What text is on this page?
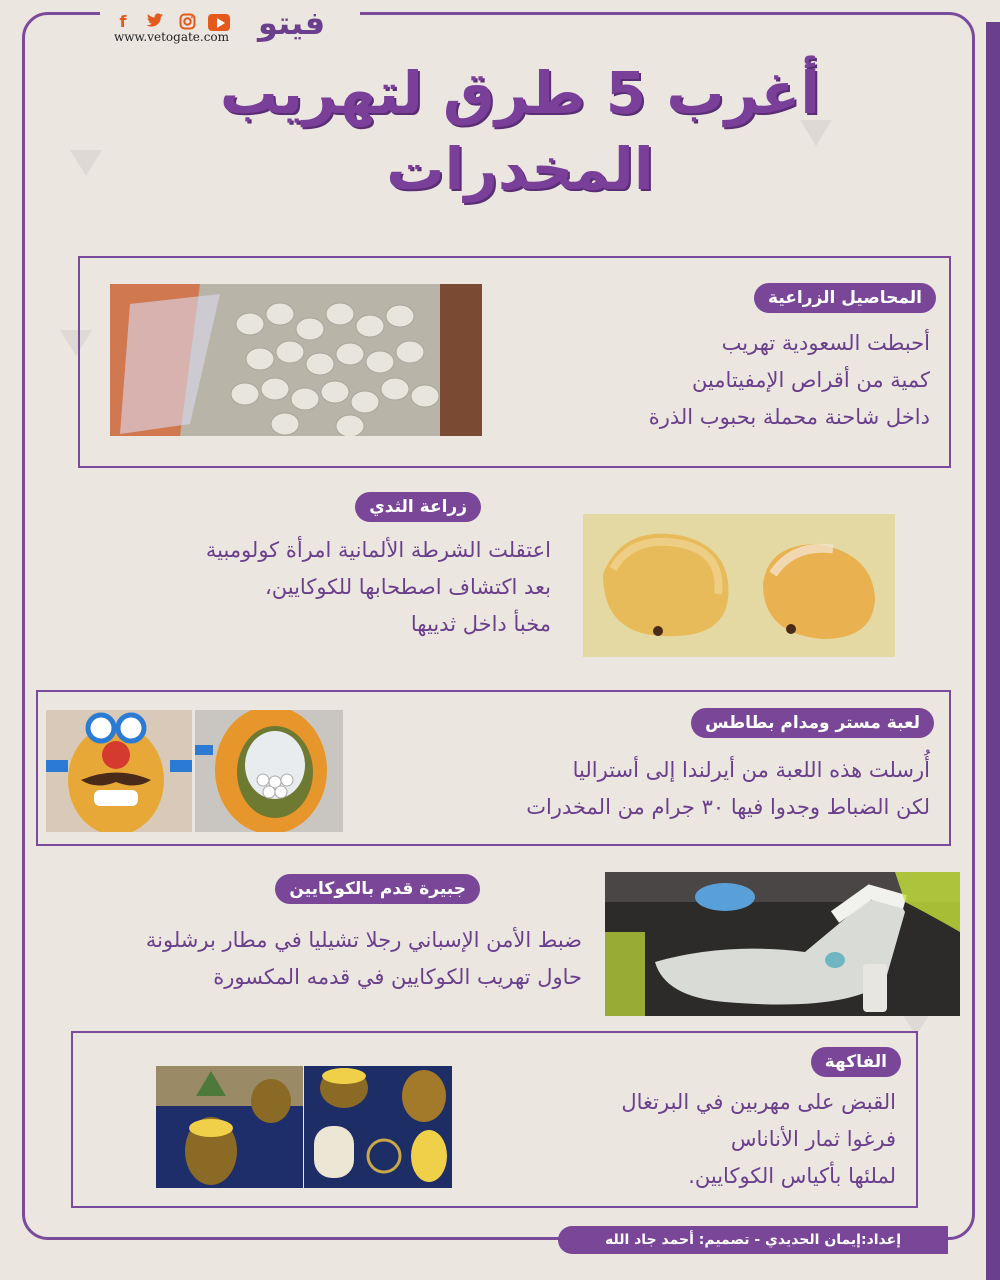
f
www.vetogate.com فيتو
أغرب 5 طرق لتهريب
المخدرات
المحاصيل الزراعية
أحبطت السعودية تهريب
كمية من أقراص الإمفيتامين
داخل شاحنة محملة بحبوب الذرة
زراعة الثدي
اعتقلت الشرطة الألمانية امرأة كولومبية
بعد اكتشاف اصطحابها للكوكايين،
مخبأ داخل ثدييها
لعبة مستر ومدام بطاطس
أُرسلت هذه اللعبة من أيرلندا إلى أستراليا
لكن الضباط وجدوا فيها ٣٠ جرام من المخدرات
جبيرة قدم بالكوكايين
ضبط الأمن الإسباني رجلا تشيليا في مطار برشلونة
حاول تهريب الكوكايين في قدمه المكسورة
الفاكهة
القبض على مهربين في البرتغال
فرغوا ثمار الأناناس
لملئها بأكياس الكوكايين.
إعداد:إيمان الحديدي - تصميم: أحمد جاد الله
